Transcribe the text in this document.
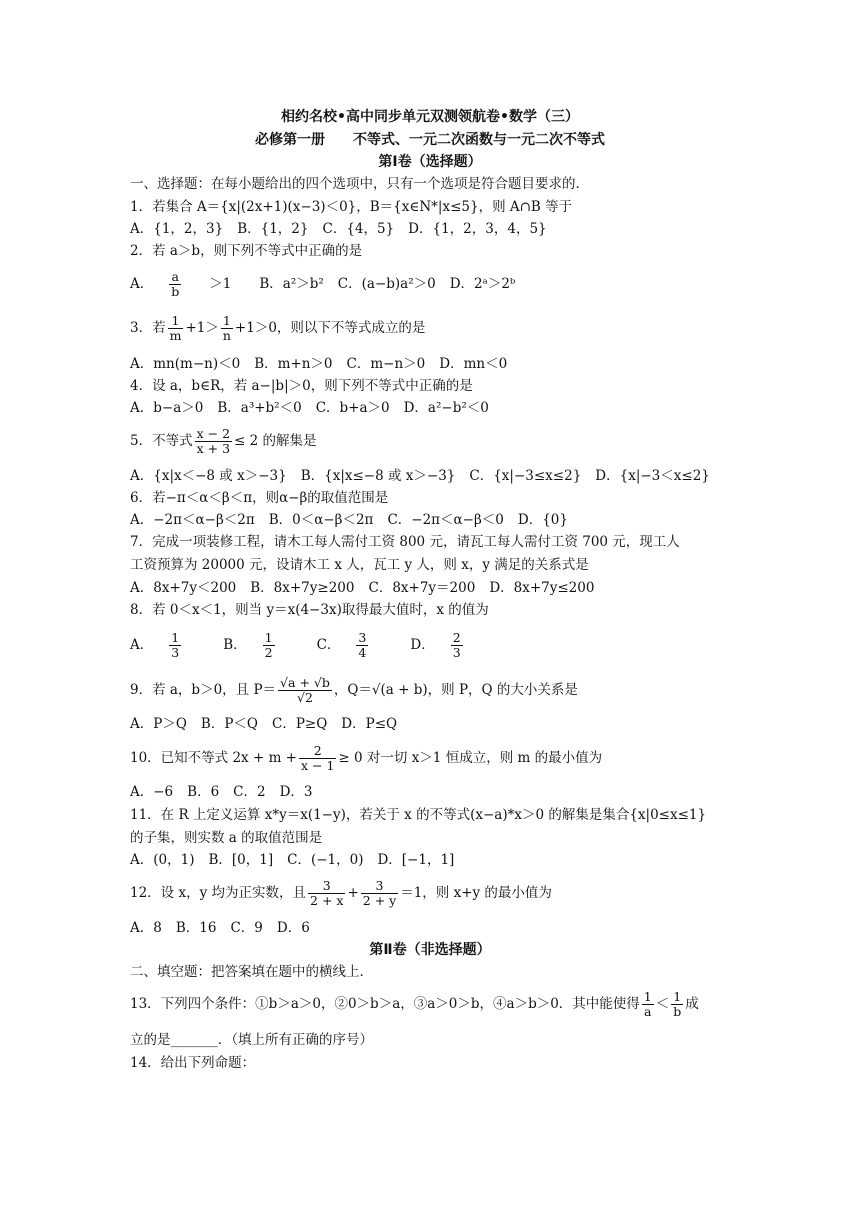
相约名校•高中同步单元双测领航卷•数学（三）
必修第一册 不等式、一元二次函数与一元二次不等式
第Ⅰ卷（选择题）
一、选择题：在每小题给出的四个选项中，只有一个选项是符合题目要求的.
1．若集合 A＝{x|(2x+1)(x−3)＜0}，B＝{x∈N*|x≤5}，则 A∩B 等于
A．{1，2，3} B．{1，2} C．{4，5} D．{1，2，3，4，5}
2．若 a＞b，则下列不等式中正确的是
A． $\frac{a}{b} >1$ B．a²＞b² C．(a−b)a²＞0 D．2ᵃ＞2ᵇ
3．若 $\frac{1}{m} +1> \frac{1}{n} +1>0$，则以下不等式成立的是
A．mn(m−n)＜0 B．m+n＞0 C．m−n＞0 D．mn＜0
4．设 a，b∈R，若 a−|b|＞0，则下列不等式中正确的是
A．b−a＞0 B．a³+b²＜0 C．b+a＞0 D．a²−b²＜0
5．不等式 $\frac{x - 2}{x + 3} \le 2$ 的解集是
A．{x|x＜−8 或 x＞−3} B．{x|x≤−8 或 x＞−3} C．{x|−3≤x≤2} D．{x|−3＜x≤2}
6．若−π＜α＜β＜π，则α−β的取值范围是
A．−2π＜α−β＜2π B．0＜α−β＜2π C．−2π＜α−β＜0 D．{0}
7．完成一项装修工程，请木工每人需付工资 800 元，请瓦工每人需付工资 700 元，现工人
工资预算为 20000 元，设请木工 x 人，瓦工 y 人，则 x，y 满足的关系式是
A．8x+7y＜200 B．8x+7y≥200 C．8x+7y＝200 D．8x+7y≤200
8．若 0＜x＜1，则当 y＝x(4−3x)取得最大值时，x 的值为
A． $\frac{1}{3}$ B． $\frac{1}{2}$ C． $\frac{3}{4}$ D． $\frac{2}{3}$
9．若 a，b＞0，且 $P= \frac{√a + √b}{√2}$ ，Q＝√(a + b)，则 P，Q 的大小关系是
A．P＞Q B．P＜Q C．P≥Q D．P≤Q
10．已知不等式 $2x + m + \frac{2}{x - 1} \ge 0$ 对一切 x＞1 恒成立，则 m 的最小值为
A．−6 B．6 C．2 D．3
11．在 R 上定义运算 x*y＝x(1−y)，若关于 x 的不等式(x−a)*x＞0 的解集是集合{x|0≤x≤1}
的子集，则实数 a 的取值范围是
A．(0，1) B．[0，1] C．(−1，0) D．[−1，1]
12．设 x，y 均为正实数，且 $\frac{3}{2 + x} + \frac{3}{2 + y} =1$，则 x+y 的最小值为
A．8 B．16 C．9 D．6
第Ⅱ卷（非选择题）
二、填空题：把答案填在题中的横线上.
13．下列四个条件：①b＞a＞0，②0＞b＞a，③a＞0＞b，④a＞b＞0．其中能使得 $\frac{1}{a} < \frac{1}{b}$ 成
立的是_______．（填上所有正确的序号）
14．给出下列命题：
